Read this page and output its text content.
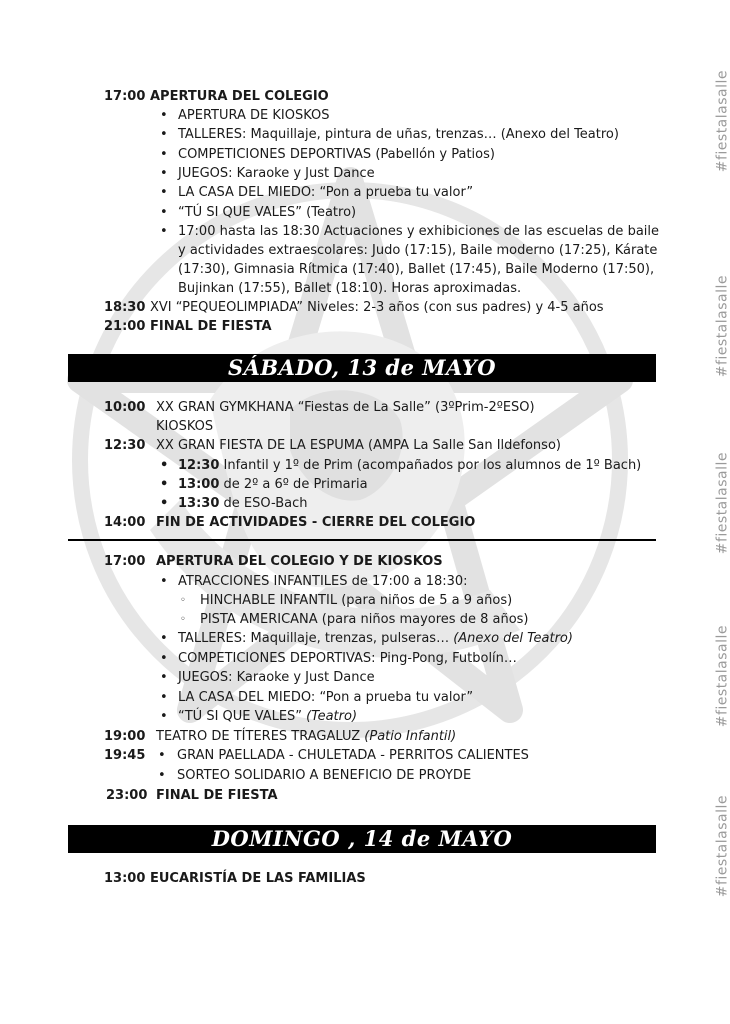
#fiestalasalle
#fiestalasalle
#fiestalasalle
#fiestalasalle
#fiestalasalle
17:00 APERTURA DEL COLEGIO
• APERTURA DE KIOSKOS
• TALLERES: Maquillaje, pintura de uñas, trenzas… (Anexo del Teatro)
• COMPETICIONES DEPORTIVAS (Pabellón y Patios)
• JUEGOS: Karaoke y Just Dance
• LA CASA DEL MIEDO: “Pon a prueba tu valor”
• “TÚ SI QUE VALES” (Teatro)
• 17:00 hasta las 18:30 Actuaciones y exhibiciones de las escuelas de baile
y actividades extraescolares: Judo (17:15), Baile moderno (17:25), Kárate
(17:30), Gimnasia Rítmica (17:40), Ballet (17:45), Baile Moderno (17:50),
Bujinkan (17:55), Ballet (18:10). Horas aproximadas.
18:30 XVI “PEQUEOLIMPIADA” Niveles: 2-3 años (con sus padres) y 4-5 años
21:00 FINAL DE FIESTA
SÁBADO, 13 de MAYO
10:00 XX GRAN GYMKHANA “Fiestas de La Salle” (3ºPrim-2ºESO)
KIOSKOS
12:30 XX GRAN FIESTA DE LA ESPUMA (AMPA La Salle San Ildefonso)
• 12:30 Infantil y 1º de Prim (acompañados por los alumnos de 1º Bach)
• 13:00 de 2º a 6º de Primaria
• 13:30 de ESO-Bach
14:00 FIN DE ACTIVIDADES - CIERRE DEL COLEGIO
17:00 APERTURA DEL COLEGIO Y DE KIOSKOS
• ATRACCIONES INFANTILES de 17:00 a 18:30:
◦ HINCHABLE INFANTIL (para niños de 5 a 9 años)
◦ PISTA AMERICANA (para niños mayores de 8 años)
• TALLERES: Maquillaje, trenzas, pulseras… (Anexo del Teatro)
• COMPETICIONES DEPORTIVAS: Ping-Pong, Futbolín…
• JUEGOS: Karaoke y Just Dance
• LA CASA DEL MIEDO: “Pon a prueba tu valor”
• “TÚ SI QUE VALES” (Teatro)
19:00 TEATRO DE TÍTERES TRAGALUZ (Patio Infantil)
19:45 • GRAN PAELLADA - CHULETADA - PERRITOS CALIENTES
• SORTEO SOLIDARIO A BENEFICIO DE PROYDE
23:00 FINAL DE FIESTA
DOMINGO , 14 de MAYO
13:00 EUCARISTÍA DE LAS FAMILIAS
